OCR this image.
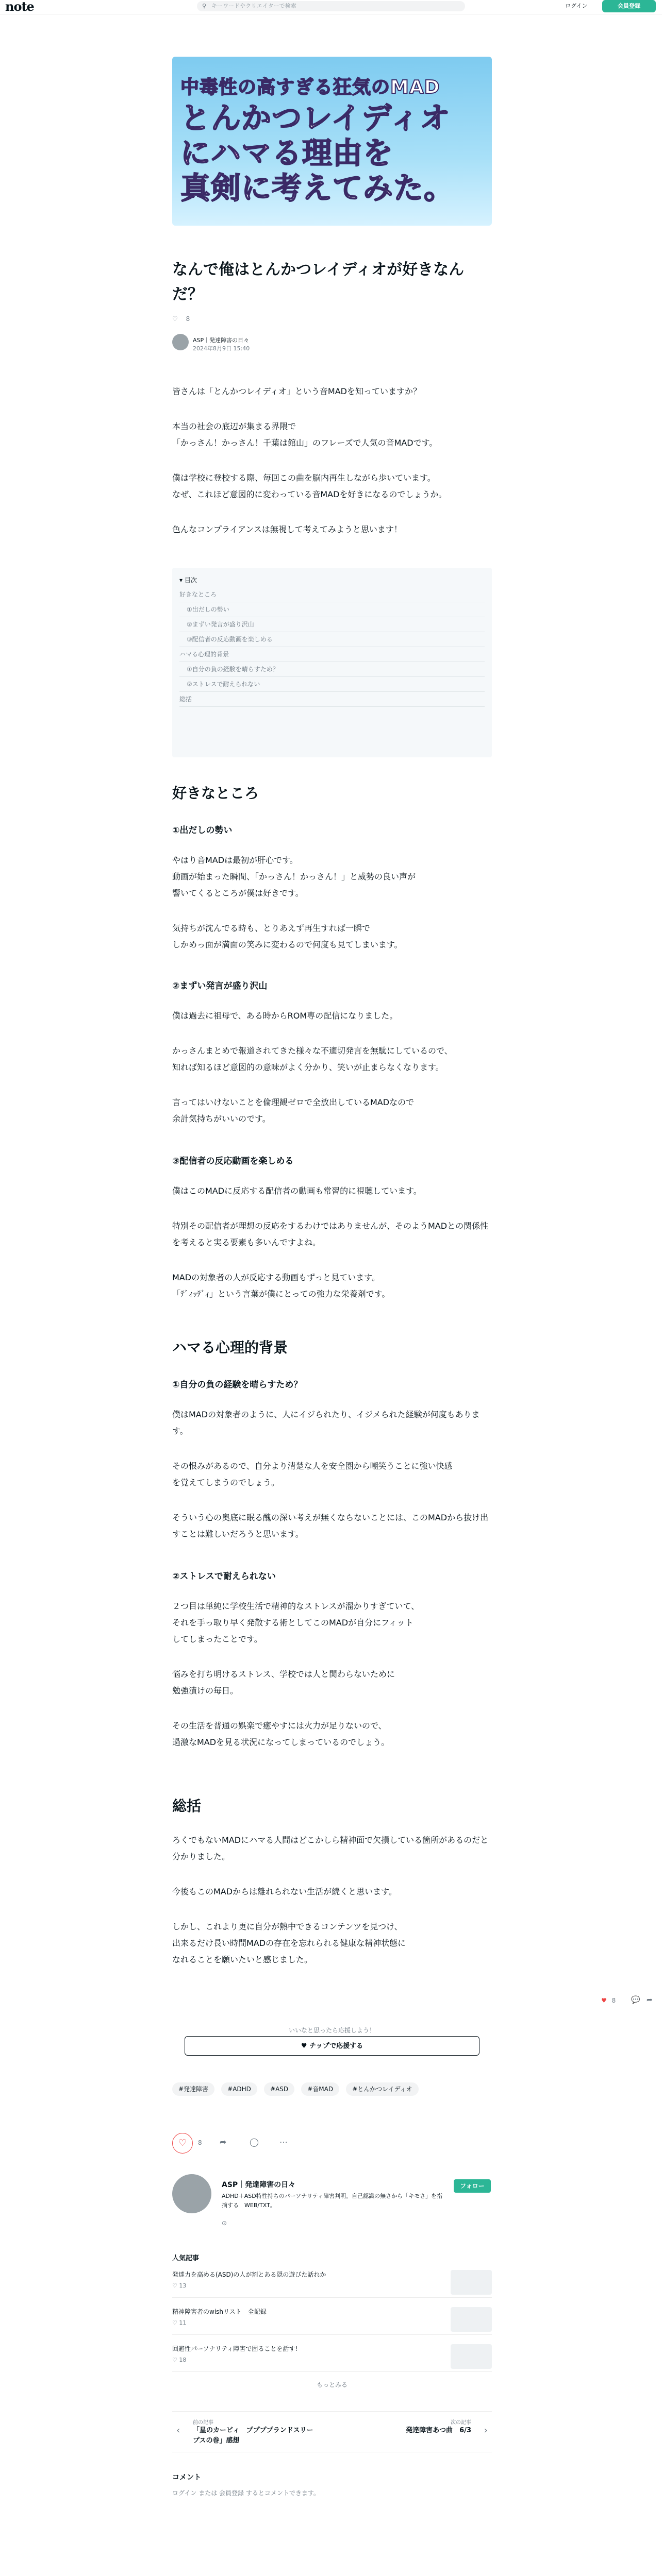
note	⚲ キーワードやクリエイターで検索	ログイン	会員登録
中毒性の高すぎる狂気のMAD
とんかつレイディオ
にハマる理由を
真剣に考えてみた。
なんで俺はとんかつレイディオが好きなんだ？
♡ 8
ASP｜発達障害の日々
2024年8月9日 15:40
皆さんは「とんかつレイディオ」という音MADを知っていますか？
本当の社会の底辺が集まる界隈で
「かっさん！かっさん！千葉は館山」のフレーズで人気の音MADです。
僕は学校に登校する際、毎回この曲を脳内再生しながら歩いています。
なぜ、これほど意図的に変わっている音MADを好きになるのでしょうか。
色んなコンプライアンスは無視して考えてみようと思います！
▾ 目次
好きなところ
①出だしの勢い
②まずい発言が盛り沢山
③配信者の反応動画を楽しめる
ハマる心理的背景
①自分の負の経験を晴らすため？
②ストレスで耐えられない
総括
好きなところ
①出だしの勢い
やはり音MADは最初が肝心です。
動画が始まった瞬間、「かっさん！かっさん！」と威勢の良い声が
響いてくるところが僕は好きです。
気持ちが沈んでる時も、とりあえず再生すれば一瞬で
しかめっ面が満面の笑みに変わるので何度も見てしまいます。
②まずい発言が盛り沢山
僕は過去に祖母で、ある時からROM専の配信になりました。
かっさんまとめで報道されてきた様々な不適切発言を無駄にしているので、
知れば知るほど意図的の意味がよく分かり、笑いが止まらなくなります。
言ってはいけないことを倫理観ゼロで全放出しているMADなので
余計気持ちがいいのです。
③配信者の反応動画を楽しめる
僕はこのMADに反応する配信者の動画も常習的に視聴しています。
特別その配信者が理想の反応をするわけではありませんが、そのようMADとの関係性を考えると実る要素も多いんですよね。
MADの対象者の人が反応する動画もずっと見ています。
「ﾃﾞｨｯﾃﾞｨ」という言葉が僕にとっての強力な栄養剤です。
ハマる心理的背景
①自分の負の経験を晴らすため？
僕はMADの対象者のように、人にイジられたり、イジメられた経験が何度もあります。
その恨みがあるので、自分より清楚な人を安全圏から嘲笑うことに強い快感
を覚えてしまうのでしょう。
そういう心の奥底に眠る醜の深い考えが無くならないことには、このMADから抜け出すことは難しいだろうと思います。
②ストレスで耐えられない
２つ目は単純に学校生活で精神的なストレスが溜かりすぎていて、
それを手っ取り早く発散する術としてこのMADが自分にフィット
してしまったことです。
悩みを打ち明けるストレス、学校では人と関わらないために
勉強漬けの毎日。
その生活を普通の娯楽で癒やすには火力が足りないので、
過激なMADを見る状況になってしまっているのでしょう。
総括
ろくでもないMADにハマる人間はどこかしら精神面で欠損している箇所があるのだと分かりました。
今後もこのMADからは離れられない生活が続くと思います。
しかし、これより更に自分が熱中できるコンテンツを見つけ、
出来るだけ長い時間MADの存在を忘れられる健康な精神状態に
なれることを願いたいと感じました。
♥ 8 💬 ➦
いいなと思ったら応援しよう！
♥ チップで応援する
#発達障害	#ADHD	#ASD	#音MAD	#とんかつレイディオ
♡	8 ➦	◯	⋯
ASP｜発達障害の日々
ADHD＋ASD特性持ちのパーソナリティ障害判明。自己認識の無さから「キモさ」を指摘する　WEB/TXT。
フォロー
⊙
人気記事
発達力を高める(ASD)の人が割とある隠の遊びた話れか
♡ 13
精神障害者のwishリスト　全記録
♡ 11
回避性パーソナリティ障害で固ることを話す!
♡ 18
もっとみる
‹
前の記事
「星のカービィ　ププププランドスリープスの巻」感想
次の記事
発達障害あつ曲　6/3 ›
コメント
ログイン または 会員登録 するとコメントできます。
